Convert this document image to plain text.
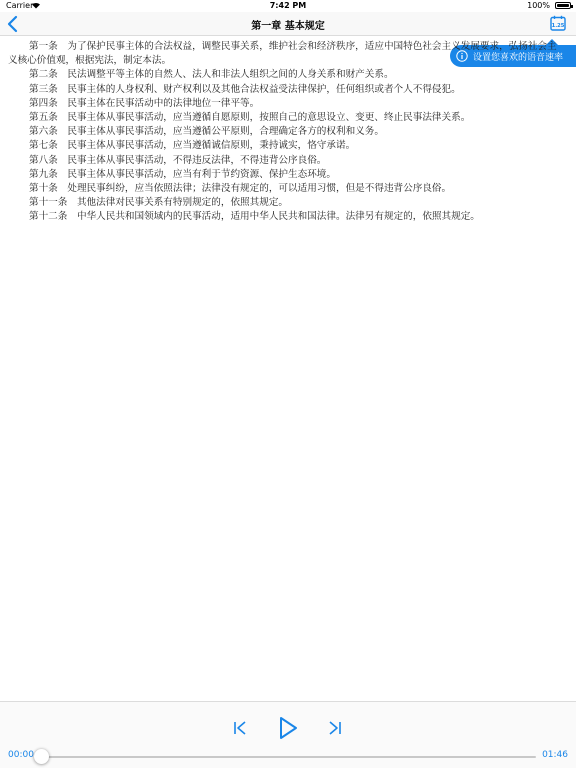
Carrier	7:42 PM	100%
第一章 基本规定	1.25
设置您喜欢的语音速率

第一条　为了保护民事主体的合法权益，调整民事关系，维护社会和经济秩序，适应中国特色社会主义发展要求，弘扬社会主义核心价值观，根据宪法，制定本法。

第二条　民法调整平等主体的自然人、法人和非法人组织之间的人身关系和财产关系。

第三条　民事主体的人身权利、财产权利以及其他合法权益受法律保护，任何组织或者个人不得侵犯。

第四条　民事主体在民事活动中的法律地位一律平等。

第五条　民事主体从事民事活动，应当遵循自愿原则，按照自己的意思设立、变更、终止民事法律关系。

第六条　民事主体从事民事活动，应当遵循公平原则，合理确定各方的权利和义务。

第七条　民事主体从事民事活动，应当遵循诚信原则，秉持诚实，恪守承诺。

第八条　民事主体从事民事活动，不得违反法律，不得违背公序良俗。

第九条　民事主体从事民事活动，应当有利于节约资源、保护生态环境。

第十条　处理民事纠纷，应当依照法律；法律没有规定的，可以适用习惯，但是不得违背公序良俗。

第十一条　其他法律对民事关系有特别规定的，依照其规定。

第十二条　中华人民共和国领域内的民事活动，适用中华人民共和国法律。法律另有规定的，依照其规定。

00:00	01:46
